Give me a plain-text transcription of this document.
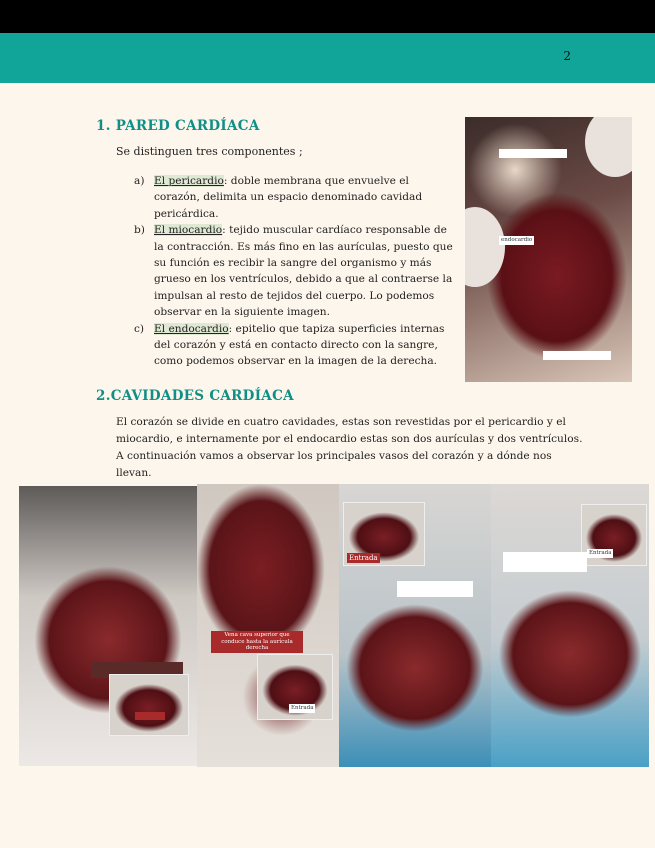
2
1. PARED CARDÍACA
Se distinguen tres componentes ;
a) El pericardio: doble membrana que envuelve el corazón, delimita un espacio denominado cavidad pericárdica.
b) El miocardio: tejido muscular cardíaco responsable de la contracción. Es más fino en las aurículas, puesto que su función es recibir la sangre del organismo y más grueso en los ventrículos, debido a que al contraerse la impulsan al resto de tejidos del cuerpo. Lo podemos observar en la siguiente imagen.
c) El endocardio: epitelio que tapiza superficies internas del corazón y está en contacto directo con la sangre, como podemos observar en la imagen de la derecha.

endocardio

2.CAVIDADES CARDÍACA

El corazón se divide en cuatro cavidades, estas son revestidas por el pericardio y el

miocardio, e internamente por el endocardio estas son dos aurículas y dos ventrículos.

A continuación vamos a observar los principales vasos del corazón y a dónde nos llevan.

Vena cava superior que conduce hasta la aurícula derecha
Entrada
Entrada
Entrada
